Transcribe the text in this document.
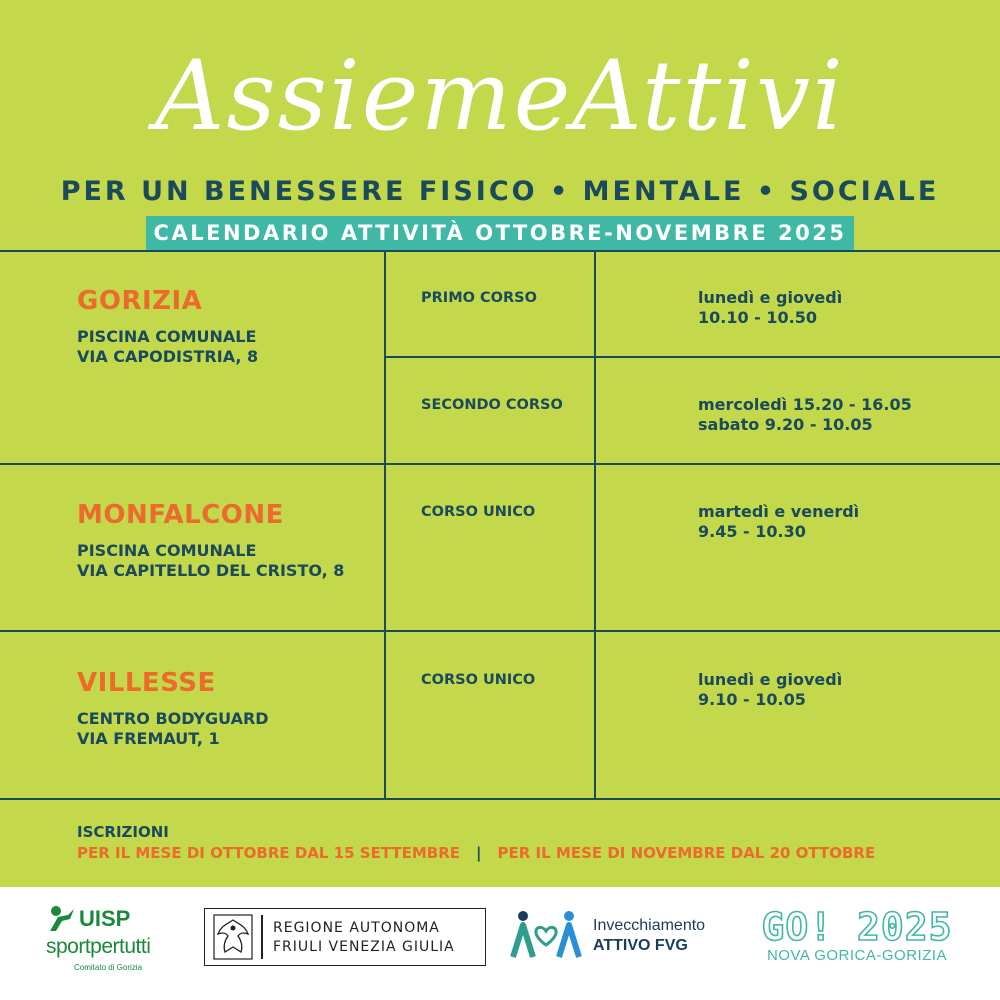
AssiemeAttivi
PER UN BENESSERE FISICO • MENTALE • SOCIALE
CALENDARIO ATTIVITÀ OTTOBRE-NOVEMBRE 2025
GORIZIA
PISCINA COMUNALE
VIA CAPODISTRIA, 8
PRIMO CORSO	lunedì e giovedì
10.10 - 10.50
SECONDO CORSO	mercoledì 15.20 - 16.05
sabato 9.20 - 10.05
MONFALCONE
PISCINA COMUNALE
VIA CAPITELLO DEL CRISTO, 8
CORSO UNICO	martedì e venerdì
9.45 - 10.30
VILLESSE
CENTRO BODYGUARD
VIA FREMAUT, 1
CORSO UNICO	lunedì e giovedì
9.10 - 10.05
ISCRIZIONI
PER IL MESE DI OTTOBRE DAL 15 SETTEMBRE | PER IL MESE DI NOVEMBRE DAL 20 OTTOBRE
UISP
sportpertutti
Comitato di Gorizia
REGIONE AUTONOMA
FRIULI VENEZIA GIULIA
Invecchiamento
ATTIVO FVG GO! 2025
NOVA GORICA-GORIZIA
